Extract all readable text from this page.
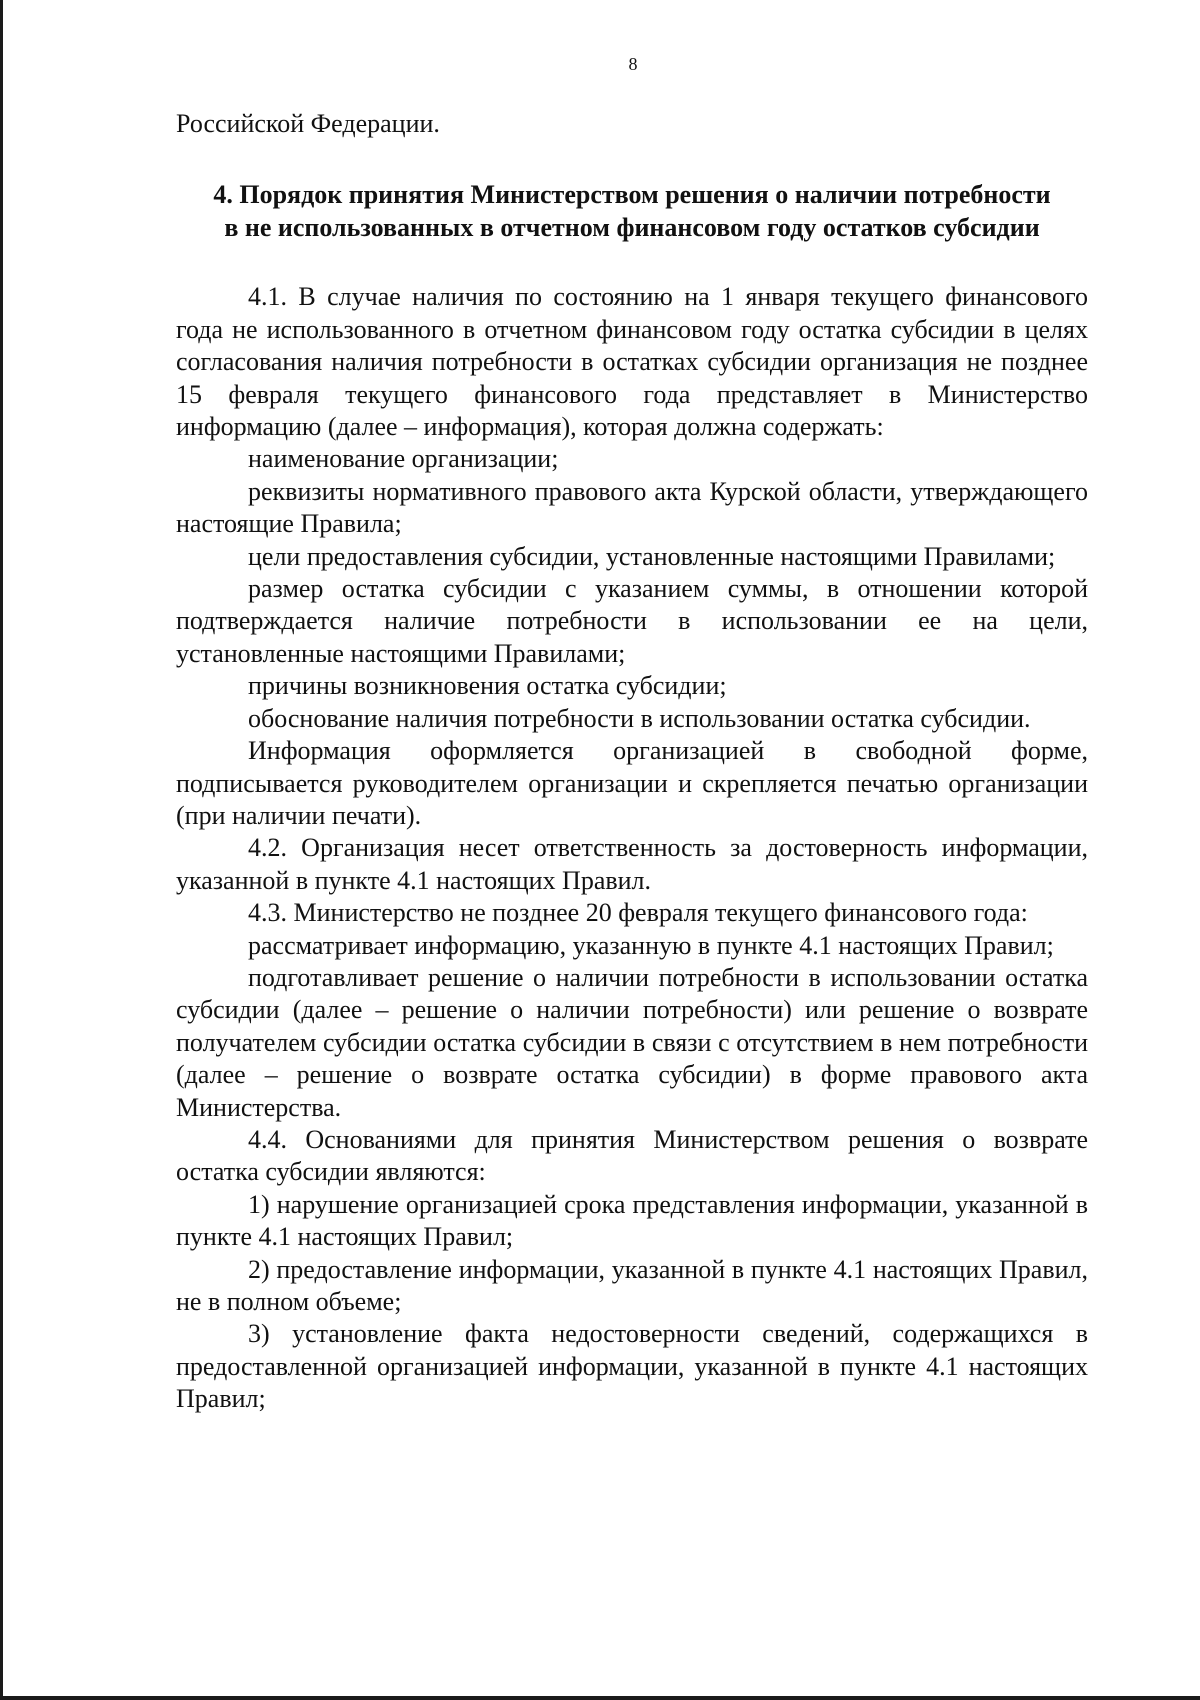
8

Российской Федерации.

4. Порядок принятия Министерством решения о наличии потребности
в не использованных в отчетном финансовом году остатков субсидии

4.1. В случае наличия по состоянию на 1 января текущего финансового года не использованного в отчетном финансовом году остатка субсидии в целях согласования наличия потребности в остатках субсидии организация не позднее 15 февраля текущего финансового года представляет в Министерство информацию (далее – информация), которая должна содержать:

наименование организации;

реквизиты нормативного правового акта Курской области, утверждающего настоящие Правила;

цели предоставления субсидии, установленные настоящими Правилами;

размер остатка субсидии с указанием суммы, в отношении которой подтверждается наличие потребности в использовании ее на цели, установленные настоящими Правилами;

причины возникновения остатка субсидии;

обоснование наличия потребности в использовании остатка субсидии.

Информация оформляется организацией в свободной форме, подписывается руководителем организации и скрепляется печатью организации (при наличии печати).

4.2. Организация несет ответственность за достоверность информации, указанной в пункте 4.1 настоящих Правил.

4.3. Министерство не позднее 20 февраля текущего финансового года:

рассматривает информацию, указанную в пункте 4.1 настоящих Правил;

подготавливает решение о наличии потребности в использовании остатка субсидии (далее – решение о наличии потребности) или решение о возврате получателем субсидии остатка субсидии в связи с отсутствием в нем потребности (далее – решение о возврате остатка субсидии) в форме правового акта Министерства.

4.4. Основаниями для принятия Министерством решения о возврате остатка субсидии являются:

1) нарушение организацией срока представления информации, указанной в пункте 4.1 настоящих Правил;

2) предоставление информации, указанной в пункте 4.1 настоящих Правил, не в полном объеме;

3) установление факта недостоверности сведений, содержащихся в предоставленной организацией информации, указанной в пункте 4.1 настоящих Правил;
